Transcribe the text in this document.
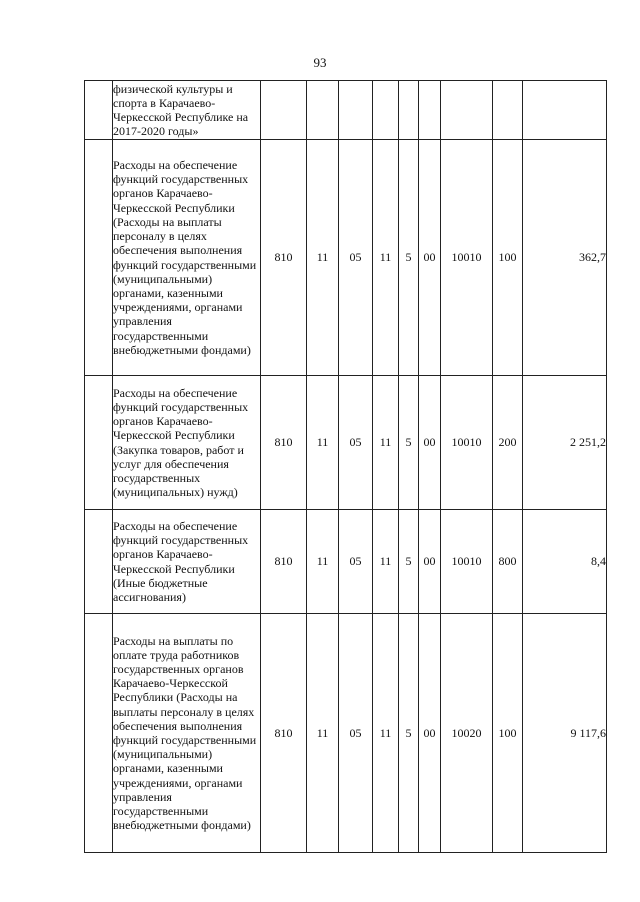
93
	физической культуры и спорта в Карачаево-Черкесской Республике на 2017-2020 годы»									
	Расходы на обеспечение функций государственных органов Карачаево-Черкесской Республики (Расходы на выплаты персоналу в целях обеспечения выполнения функций государственными (муниципальными) органами, казенными учреждениями, органами управления государственными внебюджетными фондами)	810	11	05	11	5	00	10010	100	362,7
	Расходы на обеспечение функций государственных органов Карачаево-Черкесской Республики (Закупка товаров, работ и услуг для обеспечения государственных (муниципальных) нужд)	810	11	05	11	5	00	10010	200	2 251,2
	Расходы на обеспечение функций государственных органов Карачаево-Черкесской Республики (Иные бюджетные ассигнования)	810	11	05	11	5	00	10010	800	8,4
	Расходы на выплаты по оплате труда работников государственных органов Карачаево-Черкесской Республики (Расходы на выплаты персоналу в целях обеспечения выполнения функций государственными (муниципальными) органами, казенными учреждениями, органами управления государственными внебюджетными фондами)	810	11	05	11	5	00	10020	100	9 117,6
